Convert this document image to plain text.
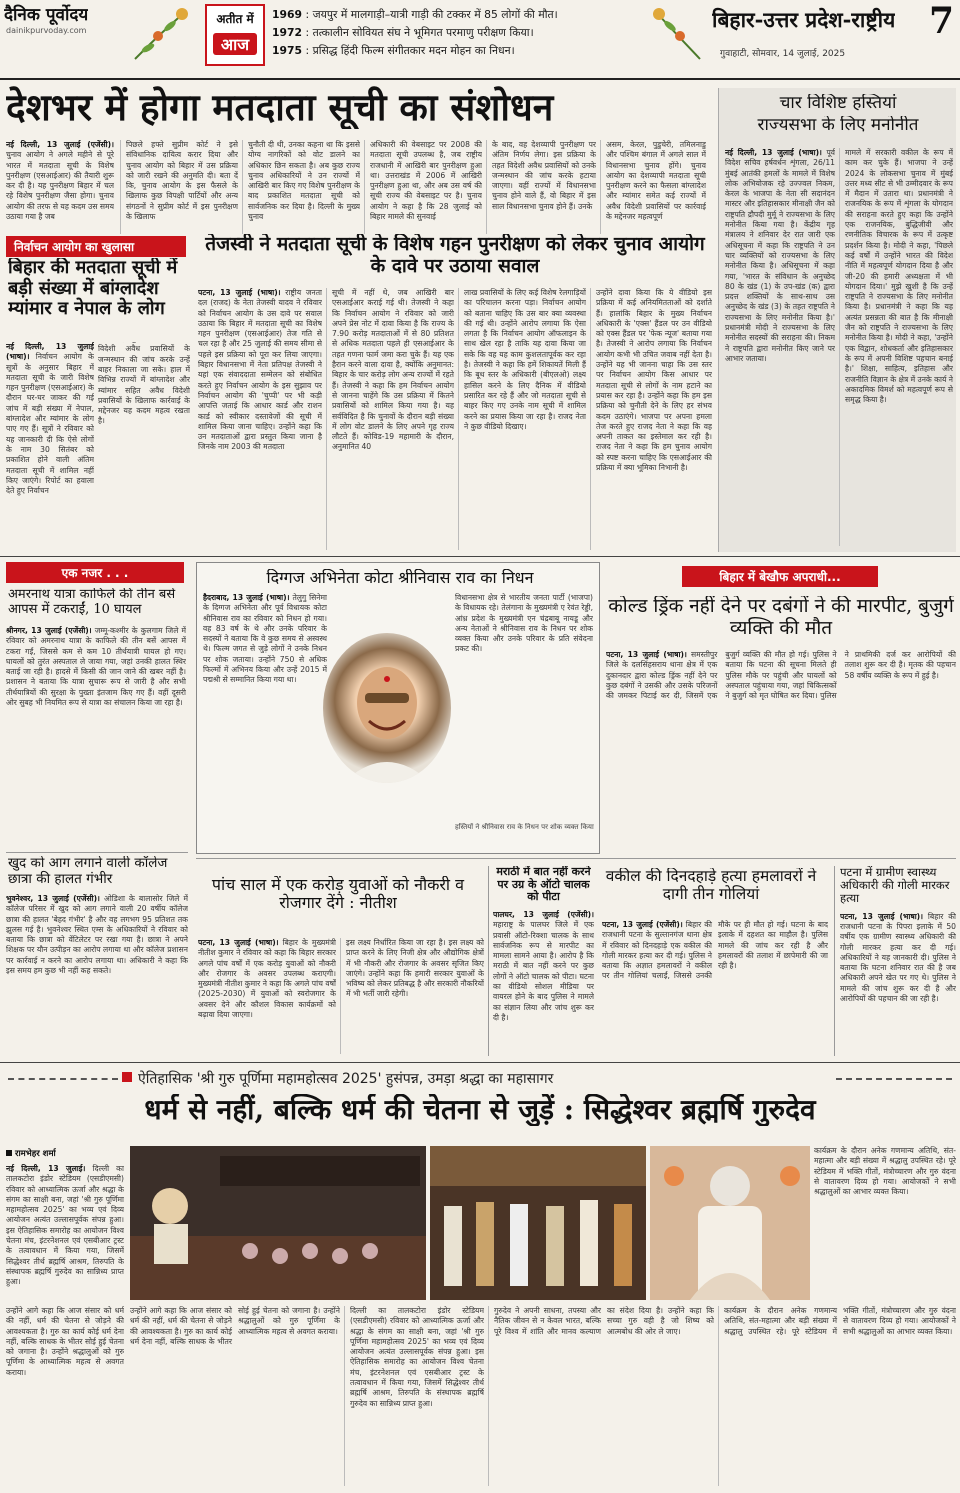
दैनिक पूर्वोदय
dainikpurvoday.com
अतीत में
आज
1969 : जयपुर में मालगाड़ी–यात्री गाड़ी की टक्कर में 85 लोगों की मौत।
1972 : तत्कालीन सोवियत संघ ने भूमिगत परमाणु परीक्षण किया।
1975 : प्रसिद्ध हिंदी फिल्म संगीतकार मदन मोहन का निधन।
बिहार-उत्तर प्रदेश-राष्ट्रीय 7
गुवाहाटी, सोमवार, 14 जुलाई, 2025
देशभर में होगा मतदाता सूची का संशोधन
नई दिल्ली, 13 जुलाई (एजेंसी)। चुनाव आयोग ने अगले महीने से पूरे भारत में मतदाता सूची के विशेष पुनरीक्षण (एसआईआर) की तैयारी शुरू कर दी है। यह पुनरीक्षण बिहार में चल रहे विशेष पुनरीक्षण जैसा होगा। चुनाव आयोग की तरफ से यह कदम उस समय उठाया गया है जब
पिछले हफ्ते सुप्रीम कोर्ट ने इसे संविधानिक दायित्व करार दिया और चुनाव आयोग को बिहार में उस प्रक्रिया को जारी रखने की अनुमति दी। बता दें कि, चुनाव आयोग के इस फैसले के खिलाफ कुछ विपक्षी पार्टियों और अन्य संगठनों ने सुप्रीम कोर्ट में इस पुनरीक्षण के खिलाफ
चुनौती दी थी, उनका कहना था कि इससे योग्य नागरिकों को वोट डालने का अधिकार छिन सकता है। अब कुछ राज्य चुनाव अधिकारियों ने उन राज्यों में आखिरी बार किए गए विशेष पुनरीक्षण के बाद प्रकाशित मतदाता सूची को सार्वजनिक कर दिया है। दिल्ली के मुख्य चुनाव
अधिकारी की वेबसाइट पर 2008 की मतदाता सूची उपलब्ध है, जब राष्ट्रीय राजधानी में आखिरी बार पुनरीक्षण हुआ था। उत्तराखंड में 2006 में आखिरी पुनरीक्षण हुआ था, और अब उस वर्ष की सूची राज्य की वेबसाइट पर है। चुनाव आयोग ने कहा है कि 28 जुलाई को बिहार मामले की सुनवाई
के बाद, वह देशव्यापी पुनरीक्षण पर अंतिम निर्णय लेगा। इस प्रक्रिया के तहत विदेशी अवैध प्रवासियों को उनके जन्मस्थान की जांच करके हटाया जाएगा। वहीं राज्यों में विधानसभा चुनाव होने वाले हैं, वो बिहार में इस साल विधानसभा चुनाव होने हैं। उनके
असम, केरल, पुडुचेरी, तमिलनाडु और पश्चिम बंगाल में अगले साल में विधानसभा चुनाव होंगे। चुनाव आयोग का देशव्यापी मतदाता सूची पुनरीक्षण करने का फैसला बांग्लादेश और म्यांमार समेत कई राज्यों में अवैध विदेशी प्रवासियों पर कार्रवाई के मद्देनजर महत्वपूर्ण
निर्वाचन आयोग का खुलासा
बिहार की मतदाता सूची में बड़ी संख्या में बांग्लादेश म्यांमार व नेपाल के लोग
नई दिल्ली, 13 जुलाई (भाषा)। निर्वाचन आयोग के सूत्रों के अनुसार बिहार में मतदाता सूची के जारी विशेष गहन पुनरीक्षण (एसआईआर) के दौरान घर-घर जाकर की गई जांच में बड़ी संख्या में नेपाल, बांग्लादेश और म्यांमार के लोग पाए गए हैं। सूत्रों ने रविवार को यह जानकारी दी कि ऐसे लोगों के नाम 30 सितंबर को प्रकाशित होने वाली अंतिम मतदाता सूची में शामिल नहीं किए जाएंगे। रिपोर्ट का हवाला देते हुए निर्वाचन
विदेशी अवैध प्रवासियों के जन्मस्थान की जांच करके उन्हें बाहर निकाला जा सके। हाल में विभिन्न राज्यों में बांग्लादेश और म्यांमार सहित अवैध विदेशी प्रवासियों के खिलाफ कार्रवाई के मद्देनजर यह कदम महत्व रखता है।
तेजस्वी ने मतदाता सूची के विशेष गहन पुनरीक्षण को लेकर चुनाव आयोग के दावे पर उठाया सवाल
पटना, 13 जुलाई (भाषा)। राष्ट्रीय जनता दल (राजद) के नेता तेजस्वी यादव ने रविवार को निर्वाचन आयोग के उस दावे पर सवाल उठाया कि बिहार में मतदाता सूची का विशेष गहन पुनरीक्षण (एसआईआर) तेज गति से चल रहा है और 25 जुलाई की समय सीमा से पहले इस प्रक्रिया को पूरा कर लिया जाएगा। बिहार विधानसभा में नेता प्रतिपक्ष तेजस्वी ने यहां एक संवाददाता सम्मेलन को संबोधित करते हुए निर्वाचन आयोग के इस सुझाव पर निर्वाचन आयोग की 'चुप्पी' पर भी कड़ी आपत्ति जताई कि आधार कार्ड और राशन कार्ड को स्वीकार दस्तावेजों की सूची में शामिल किया जाना चाहिए। उन्होंने कहा कि उन मतदाताओं द्वारा प्रस्तुत किया जाना है जिनके नाम 2003 की मतदाता
सूची में नहीं थे, जब आखिरी बार एसआईआर कराई गई थी। तेजस्वी ने कहा कि निर्वाचन आयोग ने रविवार को जारी अपने प्रेस नोट में दावा किया है कि राज्य के 7.90 करोड़ मतदाताओं में से 80 प्रतिशत से अधिक मतदाता पहले ही एसआईआर के तहत गणना फार्म जमा करा चुके हैं। यह एक हैरान करने वाला दावा है, क्योंकि अनुमानत: बिहार के चार करोड़ लोग अन्य राज्यों में रहते हैं। तेजस्वी ने कहा कि हम निर्वाचन आयोग से जानना चाहेंगे कि उस प्रक्रिया में कितने प्रवासियों को शामिल किया गया है। यह सर्वविदित है कि चुनावों के दौरान बड़ी संख्या में लोग वोट डालने के लिए अपने गृह राज्य लौटते हैं। कोविड-19 महामारी के दौरान, अनुमानित 40
लाख प्रवासियों के लिए कई विशेष रेलगाड़ियों का परिचालन करना पड़ा। निर्वाचन आयोग को बताना चाहिए कि उस बार क्या व्यवस्था की गई थी। उन्होंने आरोप लगाया कि ऐसा लगता है कि निर्वाचन आयोग ऑफलाइन के साथ खेल रहा है ताकि यह दावा किया जा सके कि वह यह काम कुशलतापूर्वक कर रहा है। तेजस्वी ने कहा कि हमें शिकायतें मिली हैं कि बूथ स्तर के अधिकारी (बीएलओ) लक्ष्य हासिल करने के लिए दैनिक में वीडियो प्रसारित कर रहे हैं और जो मतदाता सूची से बाहर किए गए उनके नाम सूची में शामिल करने का प्रयास किया जा रहा है। राजद नेता ने कुछ वीडियो दिखाए।
उन्होंने दावा किया कि ये वीडियो इस प्रक्रिया में कई अनियमितताओं को दर्शाते हैं। हालांकि बिहार के मुख्य निर्वाचन अधिकारी के 'एक्स' हैंडल पर उन वीडियो को एक्स हैंडल पर 'फेक न्यूज' बताया गया है। तेजस्वी ने आरोप लगाया कि निर्वाचन आयोग कभी भी उचित जवाब नहीं देता है। उन्होंने यह भी जानना चाहा कि उस स्तर पर निर्वाचन आयोग किस आधार पर मतदाता सूची से लोगों के नाम हटाने का प्रयास कर रहा है। उन्होंने कहा कि हम इस प्रक्रिया को चुनौती देने के लिए हर संभव कदम उठाएंगे। भाजपा पर अपना हमला तेज करते हुए राजद नेता ने कहा कि वह अपनी ताकत का इस्तेमाल कर रही है। राजद नेता ने कहा कि हम चुनाव आयोग को स्पष्ट करना चाहिए कि एसआईआर की प्रक्रिया में क्या भूमिका निभानी है।
चार विशिष्ट हस्तियां
राज्यसभा के लिए मनोनीत
नई दिल्ली, 13 जुलाई (भाषा)। पूर्व विदेश सचिव हर्षवर्धन शृंगला, 26/11 मुंबई आतंकी हमलों के मामले में विशेष लोक अभियोजक रहे उज्ज्वल निकम, केरल के भाजपा के नेता सी सदानंदन मास्टर और इतिहासकार मीनाक्षी जैन को राष्ट्रपति द्रौपदी मुर्मू ने राज्यसभा के लिए मनोनीत किया गया है। केंद्रीय गृह मंत्रालय ने शनिवार देर रात जारी एक अधिसूचना में कहा कि राष्ट्रपति ने उन चार व्यक्तियों को राज्यसभा के लिए मनोनीत किया है। अधिसूचना में कहा गया, 'भारत के संविधान के अनुच्छेद 80 के खंड (1) के उप-खंड (क) द्वारा प्रदत्त शक्तियों के साथ-साथ उस अनुच्छेद के खंड (3) के तहत राष्ट्रपति ने राज्यसभा के लिए मनोनीत किया है।' प्रधानमंत्री मोदी ने राज्यसभा के लिए मनोनीत सदस्यों की सराहना की। निकम ने राष्ट्रपति द्वारा मनोनीत किए जाने पर आभार जताया।
मामले में सरकारी वकील के रूप में काम कर चुके हैं। भाजपा ने उन्हें 2024 के लोकसभा चुनाव में मुंबई उत्तर मध्य सीट से भी उम्मीदवार के रूप में मैदान में उतारा था। प्रधानमंत्री ने राजनयिक के रूप में शृंगला के योगदान की सराहना करते हुए कहा कि उन्होंने एक राजनयिक, बुद्धिजीवी और रणनीतिक विचारक के रूप में उत्कृष्ट प्रदर्शन किया है। मोदी ने कहा, 'पिछले कई वर्षों में उन्होंने भारत की विदेश नीति में महत्वपूर्ण योगदान दिया है और जी-20 की हमारी अध्यक्षता में भी योगदान दिया।' मुझे खुशी है कि उन्हें राष्ट्रपति ने राज्यसभा के लिए मनोनीत किया है। प्रधानमंत्री ने कहा कि यह अत्यंत प्रसन्नता की बात है कि मीनाक्षी जैन को राष्ट्रपति ने राज्यसभा के लिए मनोनीत किया है। मोदी ने कहा, 'उन्होंने एक विद्वान, शोधकर्ता और इतिहासकार के रूप में अपनी विशिष्ट पहचान बनाई है।' शिक्षा, साहित्य, इतिहास और राजनीति विज्ञान के क्षेत्र में उनके कार्य ने अकादमिक विमर्श को महत्वपूर्ण रूप से समृद्ध किया है।
एक नजर . . .
अमरनाथ यात्रा काफिले की तीन बसें आपस में टकराईं, 10 घायल
श्रीनगर, 13 जुलाई (एजेंसी)। जम्मू-कश्मीर के कुलगाम जिले में रविवार को अमरनाथ यात्रा के काफिले की तीन बसें आपस में टकरा गईं, जिससे कम से कम 10 तीर्थयात्री घायल हो गए। घायलों को तुरंत अस्पताल ले जाया गया, जहां उनकी हालत स्थिर बताई जा रही है। हादसे में किसी की जान जाने की खबर नहीं है। प्रशासन ने बताया कि यात्रा सुचारू रूप से जारी है और सभी तीर्थयात्रियों की सुरक्षा के पुख्ता इंतजाम किए गए हैं। वहीं दूसरी ओर सुबह भी नियमित रूप से यात्रा का संचालन किया जा रहा है।
खुद को आग लगाने वाली कॉलेज छात्रा की हालत गंभीर
भुवनेश्वर, 13 जुलाई (एजेंसी)। ओडिशा के बालासोर जिले में कॉलेज परिसर में खुद को आग लगाने वाली 20 वर्षीय कॉलेज छात्रा की हालत 'बेहद गंभीर' है और वह लगभग 95 प्रतिशत तक झुलस गई है। भुवनेश्वर स्थित एम्स के अधिकारियों ने रविवार को बताया कि छात्रा को वेंटिलेटर पर रखा गया है। छात्रा ने अपने शिक्षक पर यौन उत्पीड़न का आरोप लगाया था और कॉलेज प्रशासन पर कार्रवाई न करने का आरोप लगाया था। अधिकारी ने कहा कि इस समय हम कुछ भी नहीं कह सकते।
दिग्गज अभिनेता कोटा श्रीनिवास राव का निधन
हैदराबाद, 13 जुलाई (भाषा)। तेलुगु सिनेमा के दिग्गज अभिनेता और पूर्व विधायक कोटा श्रीनिवास राव का रविवार को निधन हो गया। वह 83 वर्ष के थे और उनके परिवार के सदस्यों ने बताया कि वे कुछ समय से अस्वस्थ थे। फिल्म जगत से जुड़े लोगों ने उनके निधन पर शोक जताया। उन्होंने 750 से अधिक फिल्मों में अभिनय किया और उन्हें 2015 में पद्मश्री से सम्मानित किया गया था।
विधानसभा क्षेत्र से भारतीय जनता पार्टी (भाजपा) के विधायक रहे। तेलंगाना के मुख्यमंत्री ए रेवंत रेड्डी, आंध्र प्रदेश के मुख्यमंत्री एन चंद्रबाबू नायडू और अन्य नेताओं ने श्रीनिवास राव के निधन पर शोक व्यक्त किया और उनके परिवार के प्रति संवेदना प्रकट की।
हस्तियों ने श्रीनिवास राव के निधन पर शोक व्यक्त किया
बिहार में बेखौफ अपराधी...
कोल्ड ड्रिंक नहीं देने पर दबंगों ने की मारपीट, बुजुर्ग व्यक्ति की मौत
पटना, 13 जुलाई (भाषा)। समस्तीपुर जिले के दलसिंहसराय थाना क्षेत्र में एक दुकानदार द्वारा कोल्ड ड्रिंक नहीं देने पर कुछ दबंगों ने उसकी और उसके परिजनों की जमकर पिटाई कर दी, जिसमें एक बुजुर्ग व्यक्ति की मौत हो गई। पुलिस ने बताया कि घटना की सूचना मिलते ही पुलिस मौके पर पहुंची और घायलों को अस्पताल पहुंचाया गया, जहां चिकित्सकों ने बुजुर्ग को मृत घोषित कर दिया। पुलिस ने प्राथमिकी दर्ज कर आरोपियों की तलाश शुरू कर दी है। मृतक की पहचान 58 वर्षीय व्यक्ति के रूप में हुई है।
पांच साल में एक करोड़ युवाओं को नौकरी व रोजगार देंगे : नीतीश
पटना, 13 जुलाई (भाषा)। बिहार के मुख्यमंत्री नीतीश कुमार ने रविवार को कहा कि बिहार सरकार अगले पांच वर्षों में एक करोड़ युवाओं को नौकरी और रोजगार के अवसर उपलब्ध कराएगी। मुख्यमंत्री नीतीश कुमार ने कहा कि अगले पांच वर्षों (2025-2030) में युवाओं को स्वरोजगार के अवसर देने और कौशल विकास कार्यक्रमों को बढ़ावा दिया जाएगा।
इस लक्ष्य निर्धारित किया जा रहा है। इस लक्ष्य को प्राप्त करने के लिए निजी क्षेत्र और औद्योगिक क्षेत्रों में भी नौकरी और रोजगार के अवसर सृजित किए जाएंगे। उन्होंने कहा कि हमारी सरकार युवाओं के भविष्य को लेकर प्रतिबद्ध है और सरकारी नौकरियों में भी भर्ती जारी रहेगी।
मराठी में बात नहीं करने पर उग्र के ऑटो चालक को पीटा
पालघर, 13 जुलाई (एजेंसी)। महाराष्ट्र के पालघर जिले में एक प्रवासी ऑटो-रिक्शा चालक के साथ सार्वजनिक रूप से मारपीट का मामला सामने आया है। आरोप है कि मराठी में बात नहीं करने पर कुछ लोगों ने ऑटो चालक को पीटा। घटना का वीडियो सोशल मीडिया पर वायरल होने के बाद पुलिस ने मामले का संज्ञान लिया और जांच शुरू कर दी है।
वकील की दिनदहाड़े हत्या हमलावरों ने दागी तीन गोलियां
पटना, 13 जुलाई (एजेंसी)। बिहार की राजधानी पटना के सुल्तानगंज थाना क्षेत्र में रविवार को दिनदहाड़े एक वकील की गोली मारकर हत्या कर दी गई। पुलिस ने बताया कि अज्ञात हमलावरों ने वकील पर तीन गोलियां चलाईं, जिससे उनकी मौके पर ही मौत हो गई। घटना के बाद इलाके में दहशत का माहौल है। पुलिस मामले की जांच कर रही है और हमलावरों की तलाश में छापेमारी की जा रही है।
पटना में ग्रामीण स्वास्थ्य अधिकारी की गोली मारकर हत्या
पटना, 13 जुलाई (भाषा)। बिहार की राजधानी पटना के पिपरा इलाके में 50 वर्षीय एक ग्रामीण स्वास्थ्य अधिकारी की गोली मारकर हत्या कर दी गई। अधिकारियों ने यह जानकारी दी। पुलिस ने बताया कि घटना शनिवार रात की है जब अधिकारी अपने खेत पर गए थे। पुलिस ने मामले की जांच शुरू कर दी है और आरोपियों की पहचान की जा रही है।
ऐतिहासिक 'श्री गुरु पूर्णिमा महामहोत्सव 2025' हुसंपन्न, उमड़ा श्रद्धा का महासागर
धर्म से नहीं, बल्कि धर्म की चेतना से जुड़ें : सिद्धेश्वर ब्रह्मर्षि गुरुदेव
रामभेहर शर्मा
नई दिल्ली, 13 जुलाई। दिल्ली का तालकटोरा इंडोर स्टेडियम (एसडीएमसी) रविवार को आध्यात्मिक ऊर्जा और श्रद्धा के संगम का साक्षी बना, जहां 'श्री गुरु पूर्णिमा महामहोत्सव 2025' का भव्य एवं दिव्य आयोजन अत्यंत उल्लासपूर्वक संपन्न हुआ। इस ऐतिहासिक समारोह का आयोजन विश्व चेतना मंच, इंटरनेशनल एवं एसबीआर ट्रस्ट के तत्वावधान में किया गया, जिसमें सिद्धेश्वर तीर्थ ब्रह्मर्षि आश्रम, तिरुपति के संस्थापक ब्रह्मर्षि गुरुदेव का सान्निध्य प्राप्त हुआ।
कार्यक्रम के दौरान अनेक गणमान्य अतिथि, संत-महात्मा और बड़ी संख्या में श्रद्धालु उपस्थित रहे। पूरे स्टेडियम में भक्ति गीतों, मंत्रोच्चारण और गुरु वंदना से वातावरण दिव्य हो गया। आयोजकों ने सभी श्रद्धालुओं का आभार व्यक्त किया।
उन्होंने आगे कहा कि आज संसार को धर्म की नहीं, धर्म की चेतना से जोड़ने की आवश्यकता है। गुरु का कार्य कोई धर्म देना नहीं, बल्कि साधक के भीतर सोई हुई चेतना को जगाना है। उन्होंने श्रद्धालुओं को गुरु पूर्णिमा के आध्यात्मिक महत्व से अवगत कराया।
दिल्ली का तालकटोरा इंडोर स्टेडियम (एसडीएमसी) रविवार को आध्यात्मिक ऊर्जा और श्रद्धा के संगम का साक्षी बना, जहां 'श्री गुरु पूर्णिमा महामहोत्सव 2025' का भव्य एवं दिव्य आयोजन अत्यंत उल्लासपूर्वक संपन्न हुआ। इस ऐतिहासिक समारोह का आयोजन विश्व चेतना मंच, इंटरनेशनल एवं एसबीआर ट्रस्ट के तत्वावधान में किया गया, जिसमें सिद्धेश्वर तीर्थ ब्रह्मर्षि आश्रम, तिरुपति के संस्थापक ब्रह्मर्षि गुरुदेव का सान्निध्य प्राप्त हुआ।
गुरुदेव ने अपनी साधना, तपस्या और नैतिक जीवन से न केवल भारत, बल्कि पूरे विश्व में शांति और मानव कल्याण का संदेश दिया है। उन्होंने कहा कि सच्चा गुरु वही है जो शिष्य को आत्मबोध की ओर ले जाए।
कार्यक्रम के दौरान अनेक गणमान्य अतिथि, संत-महात्मा और बड़ी संख्या में श्रद्धालु उपस्थित रहे। पूरे स्टेडियम में भक्ति गीतों, मंत्रोच्चारण और गुरु वंदना से वातावरण दिव्य हो गया। आयोजकों ने सभी श्रद्धालुओं का आभार व्यक्त किया।
उन्होंने आगे कहा कि आज संसार को धर्म की नहीं, धर्म की चेतना से जोड़ने की आवश्यकता है। गुरु का कार्य कोई धर्म देना नहीं, बल्कि साधक के भीतर सोई हुई चेतना को जगाना है। उन्होंने श्रद्धालुओं को गुरु पूर्णिमा के आध्यात्मिक महत्व से अवगत कराया।
